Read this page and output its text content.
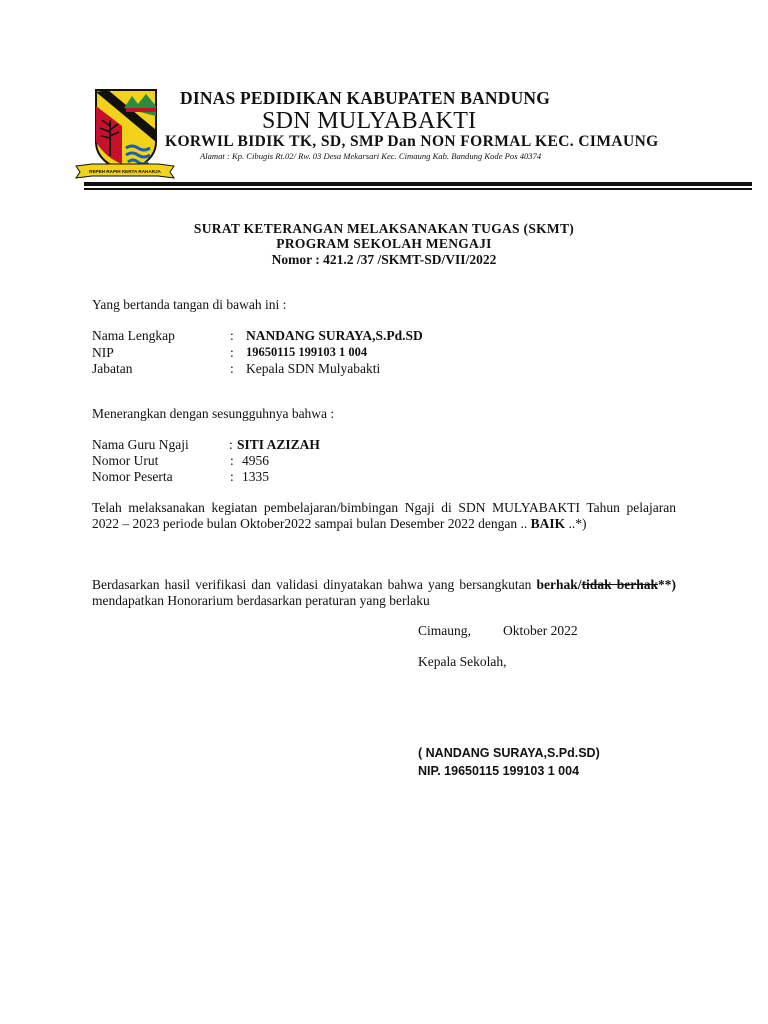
REPEH RAPIH KERTA RAHARJA
DINAS PEDIDIKAN KABUPATEN BANDUNG
SDN MULYABAKTI
KORWIL BIDIK TK, SD, SMP Dan NON FORMAL KEC. CIMAUNG
Alamat : Kp. Cibugis Rt.02/ Rw. 03 Desa Mekarsari Kec. Cimaung Kab. Bandung Kode Pos 40374
SURAT KETERANGAN MELAKSANAKAN TUGAS (SKMT)
PROGRAM SEKOLAH MENGAJI
Nomor : 421.2 /37 /SKMT-SD/VII/2022
Yang bertanda tangan di bawah ini :
Nama Lengkap	: NANDANG SURAYA,S.Pd.SD
NIP	: 19650115 199103 1 004
Jabatan	: Kepala SDN Mulyabakti
Menerangkan dengan sesungguhnya bahwa :
Nama Guru Ngaji	: SITI AZIZAH
Nomor Urut	: 4956
Nomor Peserta	: 1335
Telah melaksanakan kegiatan pembelajaran/bimbingan Ngaji di SDN MULYABAKTI Tahun pelajaran 2022 – 2023 periode bulan Oktober2022 sampai bulan Desember 2022 dengan .. BAIK ..*)
Berdasarkan hasil verifikasi dan validasi dinyatakan bahwa yang bersangkutan berhak/tidak berhak**) mendapatkan Honorarium berdasarkan peraturan yang berlaku
Cimaung, Oktober 2022
Kepala Sekolah,
( NANDANG SURAYA,S.Pd.SD)
NIP. 19650115 199103 1 004
